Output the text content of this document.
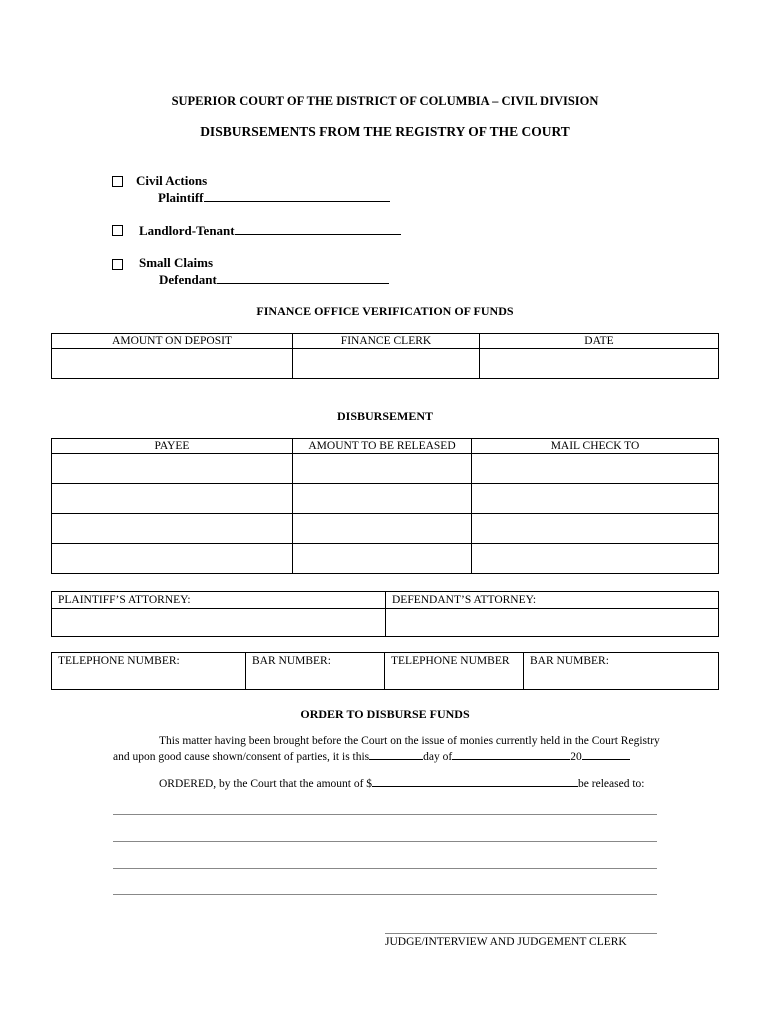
SUPERIOR COURT OF THE DISTRICT OF COLUMBIA – CIVIL DIVISION
DISBURSEMENTS FROM THE REGISTRY OF THE COURT
Civil Actions
Plaintiff
Landlord-Tenant
Small Claims
Defendant
FINANCE OFFICE VERIFICATION OF FUNDS
AMOUNT ON DEPOSIT	FINANCE CLERK	DATE

DISBURSEMENT
PAYEE	AMOUNT TO BE RELEASED	MAIL CHECK TO

PLAINTIFF’S ATTORNEY:	DEFENDANT’S ATTORNEY:

TELEPHONE NUMBER:	BAR NUMBER:	TELEPHONE NUMBER	BAR NUMBER:
ORDER TO DISBURSE FUNDS
This matter having been brought before the Court on the issue of monies currently held in the Court Registry
and upon good cause shown/consent of parties, it is this	day of	20
ORDERED, by the Court that the amount of $	be released to:
JUDGE/INTERVIEW AND JUDGEMENT CLERK
